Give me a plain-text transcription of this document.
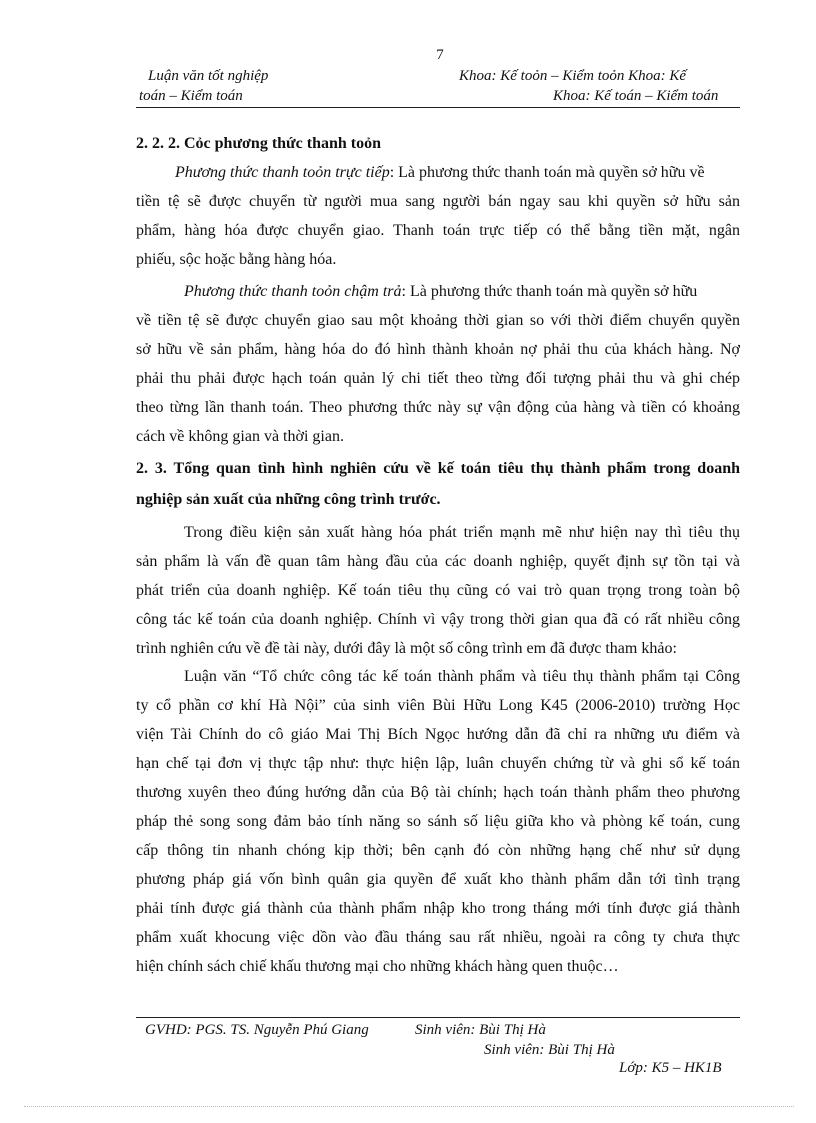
7
Luận văn tốt nghiệp	Khoa: Kế toỏn – Kiểm toỏn Khoa: Kế
toán – Kiểm toán	Khoa: Kế toán – Kiểm toán
2. 2. 2. Cỏc phương thức thanh toỏn
Phương thức thanh toỏn trực tiếp: Là phương thức thanh toán mà quyền sở hữu về
tiền tệ sẽ được chuyển từ người mua sang người bán ngay sau khi quyền sở hữu sản
phẩm, hàng hóa được chuyển giao. Thanh toán trực tiếp có thể bằng tiền mặt, ngân
phiếu, sộc hoặc bằng hàng hóa.
Phương thức thanh toỏn chậm trả: Là phương thức thanh toán mà quyền sở hữu
về tiền tệ sẽ được chuyển giao sau một khoảng thời gian so với thời điểm chuyển quyền
sở hữu về sản phẩm, hàng hóa do đó hình thành khoản nợ phải thu của khách hàng. Nợ
phải thu phải được hạch toán quản lý chi tiết theo từng đối tượng phải thu và ghi chép
theo từng lần thanh toán. Theo phương thức này sự vận động của hàng và tiền có khoảng
cách về không gian và thời gian.
2. 3. Tổng quan tình hình nghiên cứu về kế toán tiêu thụ thành phẩm trong doanh
nghiệp sản xuất của những công trình trước.
Trong điều kiện sản xuất hàng hóa phát triển mạnh mẽ như hiện nay thì tiêu thụ
sản phẩm là vấn đề quan tâm hàng đầu của các doanh nghiệp, quyết định sự tồn tại và
phát triển của doanh nghiệp. Kế toán tiêu thụ cũng có vai trò quan trọng trong toàn bộ
công tác kế toán của doanh nghiệp. Chính vì vậy trong thời gian qua đã có rất nhiều công
trình nghiên cứu về đề tài này, dưới đây là một số công trình em đã được tham khảo:
Luận văn “Tổ chức công tác kế toán thành phẩm và tiêu thụ thành phẩm tại Công
ty cổ phần cơ khí Hà Nội” của sinh viên Bùi Hữu Long K45 (2006-2010) trường Học
viện Tài Chính do cô giáo Mai Thị Bích Ngọc hướng dẫn đã chỉ ra những ưu điểm và
hạn chế tại đơn vị thực tập như: thực hiện lập, luân chuyển chứng từ và ghi sổ kế toán
thương xuyên theo đúng hướng dẫn của Bộ tài chính; hạch toán thành phẩm theo phương
pháp thẻ song song đảm bảo tính năng so sánh số liệu giữa kho và phòng kế toán, cung
cấp thông tin nhanh chóng kịp thời; bên cạnh đó còn những hạng chế như sử dụng
phương pháp giá vốn bình quân gia quyền để xuất kho thành phẩm dẫn tới tình trạng
phải tính được giá thành của thành phẩm nhập kho trong tháng mới tính được giá thành
phẩm xuất khocung việc dồn vào đầu tháng sau rất nhiều, ngoài ra công ty chưa thực
hiện chính sách chiế khấu thương mại cho những khách hàng quen thuộc…
GVHD: PGS. TS. Nguyễn Phú Giang	Sinh viên: Bùi Thị Hà
Sinh viên: Bùi Thị Hà
Lớp: K5 – HK1B
